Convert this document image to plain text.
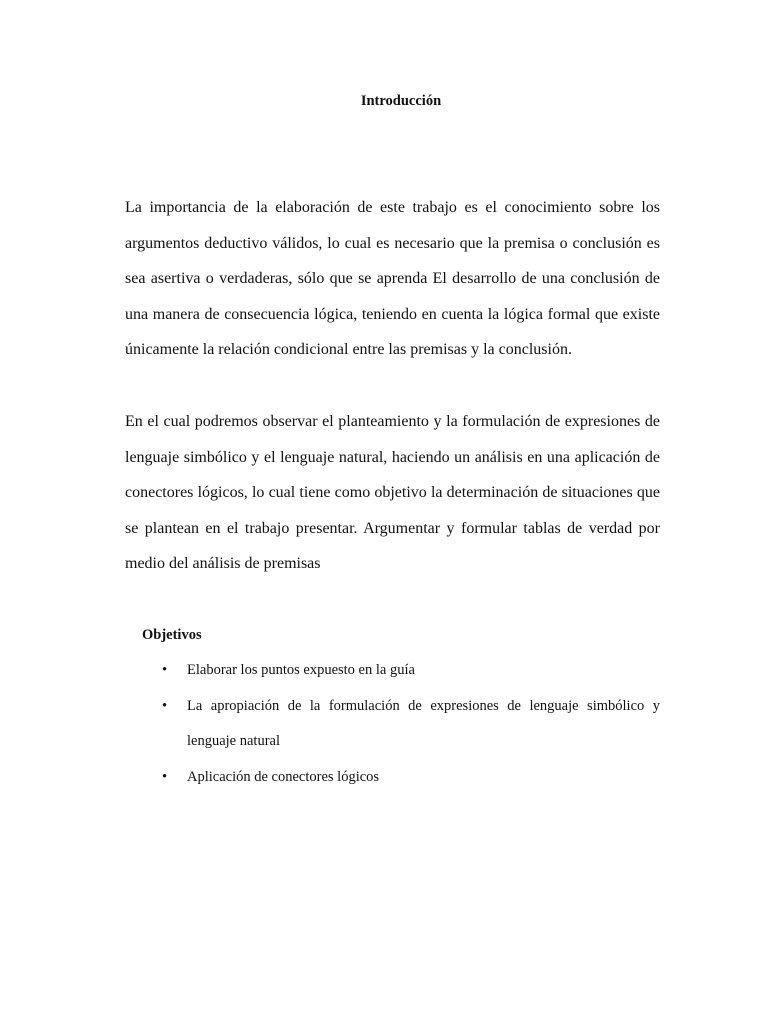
Introducción

La importancia de la elaboración de este trabajo es el conocimiento sobre los argumentos deductivo válidos, lo cual es necesario que la premisa o conclusión es sea asertiva o verdaderas, sólo que se aprenda El desarrollo de una conclusión de una manera de consecuencia lógica, teniendo en cuenta la lógica formal que existe únicamente la relación condicional entre las premisas y la conclusión.

En el cual podremos observar el planteamiento y la formulación de expresiones de lenguaje simbólico y el lenguaje natural, haciendo un análisis en una aplicación de conectores lógicos, lo cual tiene como objetivo la determinación de situaciones que se plantean en el trabajo presentar. Argumentar y formular tablas de verdad por medio del análisis de premisas

Objetivos
• Elaborar los puntos expuesto en la guía
• La apropiación de la formulación de expresiones de lenguaje simbólico y lenguaje natural
• Aplicación de conectores lógicos
